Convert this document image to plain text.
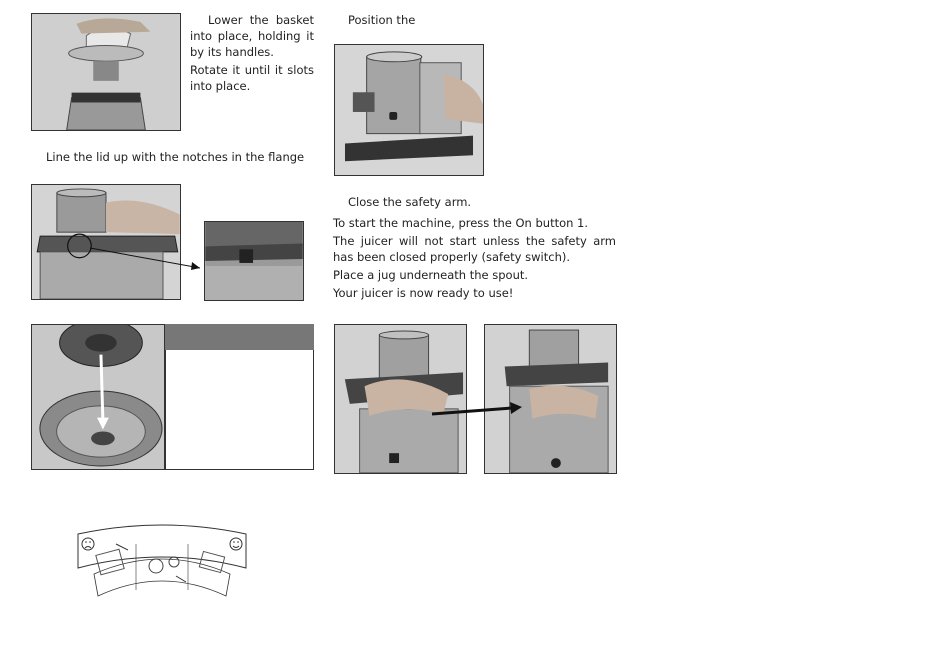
Lower the basket into place, holding it by its handles.

Rotate it until it slots into place.

Line the lid up with the notches in the flange
Position the

Close the safety arm.

To start the machine, press the On button 1.

The juicer will not start unless the safety arm has been closed properly (safety switch).

Place a jug underneath the spout.

Your juicer is now ready to use!
